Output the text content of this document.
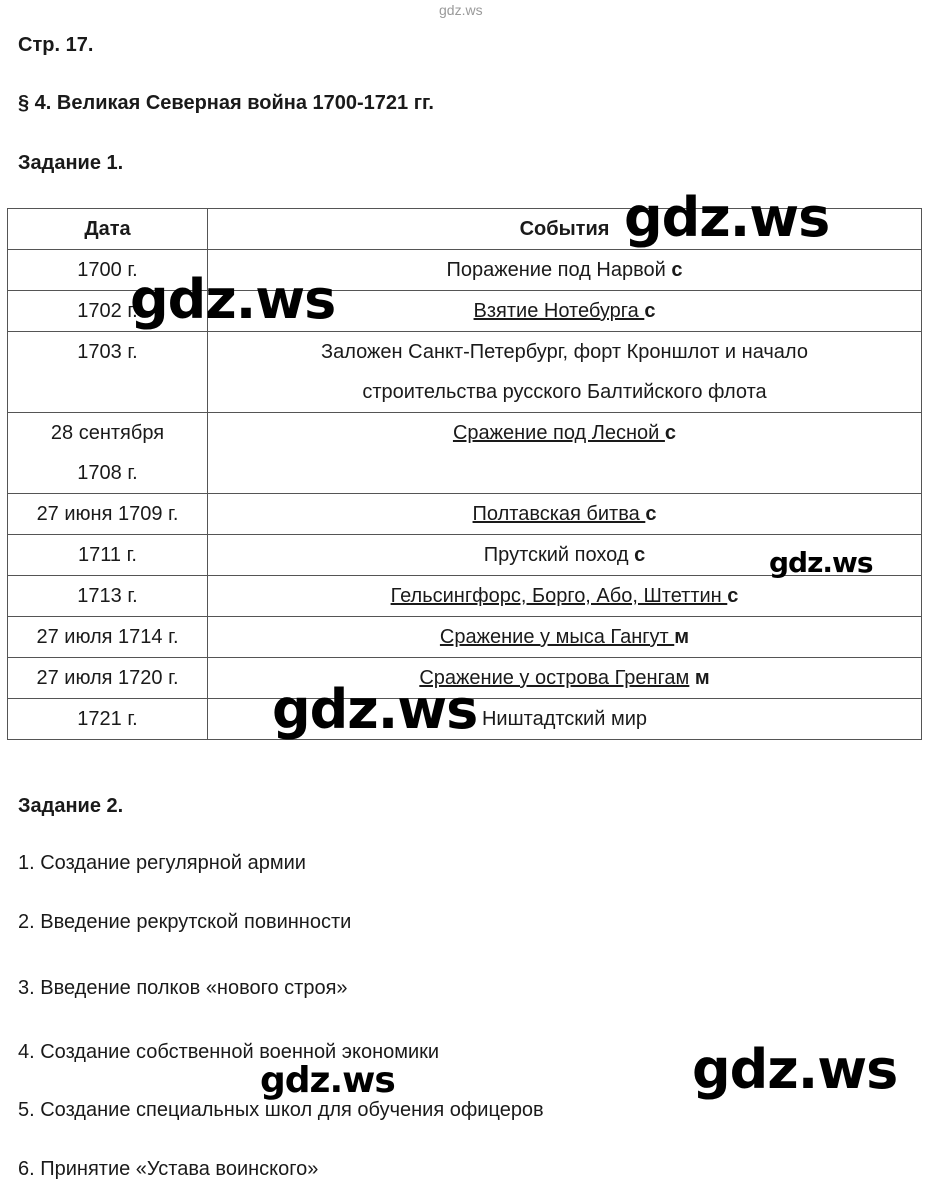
gdz.ws
Стр. 17.
§ 4. Великая Северная война 1700-1721 гг.
Задание 1.
Дата	События
1700 г.	Поражение под Нарвой с
1702 г.	Взятие Нотебурга с
1703 г.	Заложен Санкт-Петербург, форт Кроншлот и начало строительства русского Балтийского флота
28 сентября 1708 г.	Сражение под Лесной с
27 июня 1709 г.	Полтавская битва с
1711 г.	Прутский поход с
1713 г.	Гельсингфорс, Борго, Або, Штеттин с
27 июля 1714 г.	Сражение у мыса Гангут м
27 июля 1720 г.	Сражение у острова Гренгам м
1721 г.	Ништадтский мир
Задание 2.
1. Создание регулярной армии
2. Введение рекрутской повинности
3. Введение полков «нового строя»
4. Создание собственной военной экономики
5. Создание специальных школ для обучения офицеров
6. Принятие «Устава воинского»
gdz.ws
gdz.ws
gdz.ws
gdz.ws
gdz.ws	gdz.ws
